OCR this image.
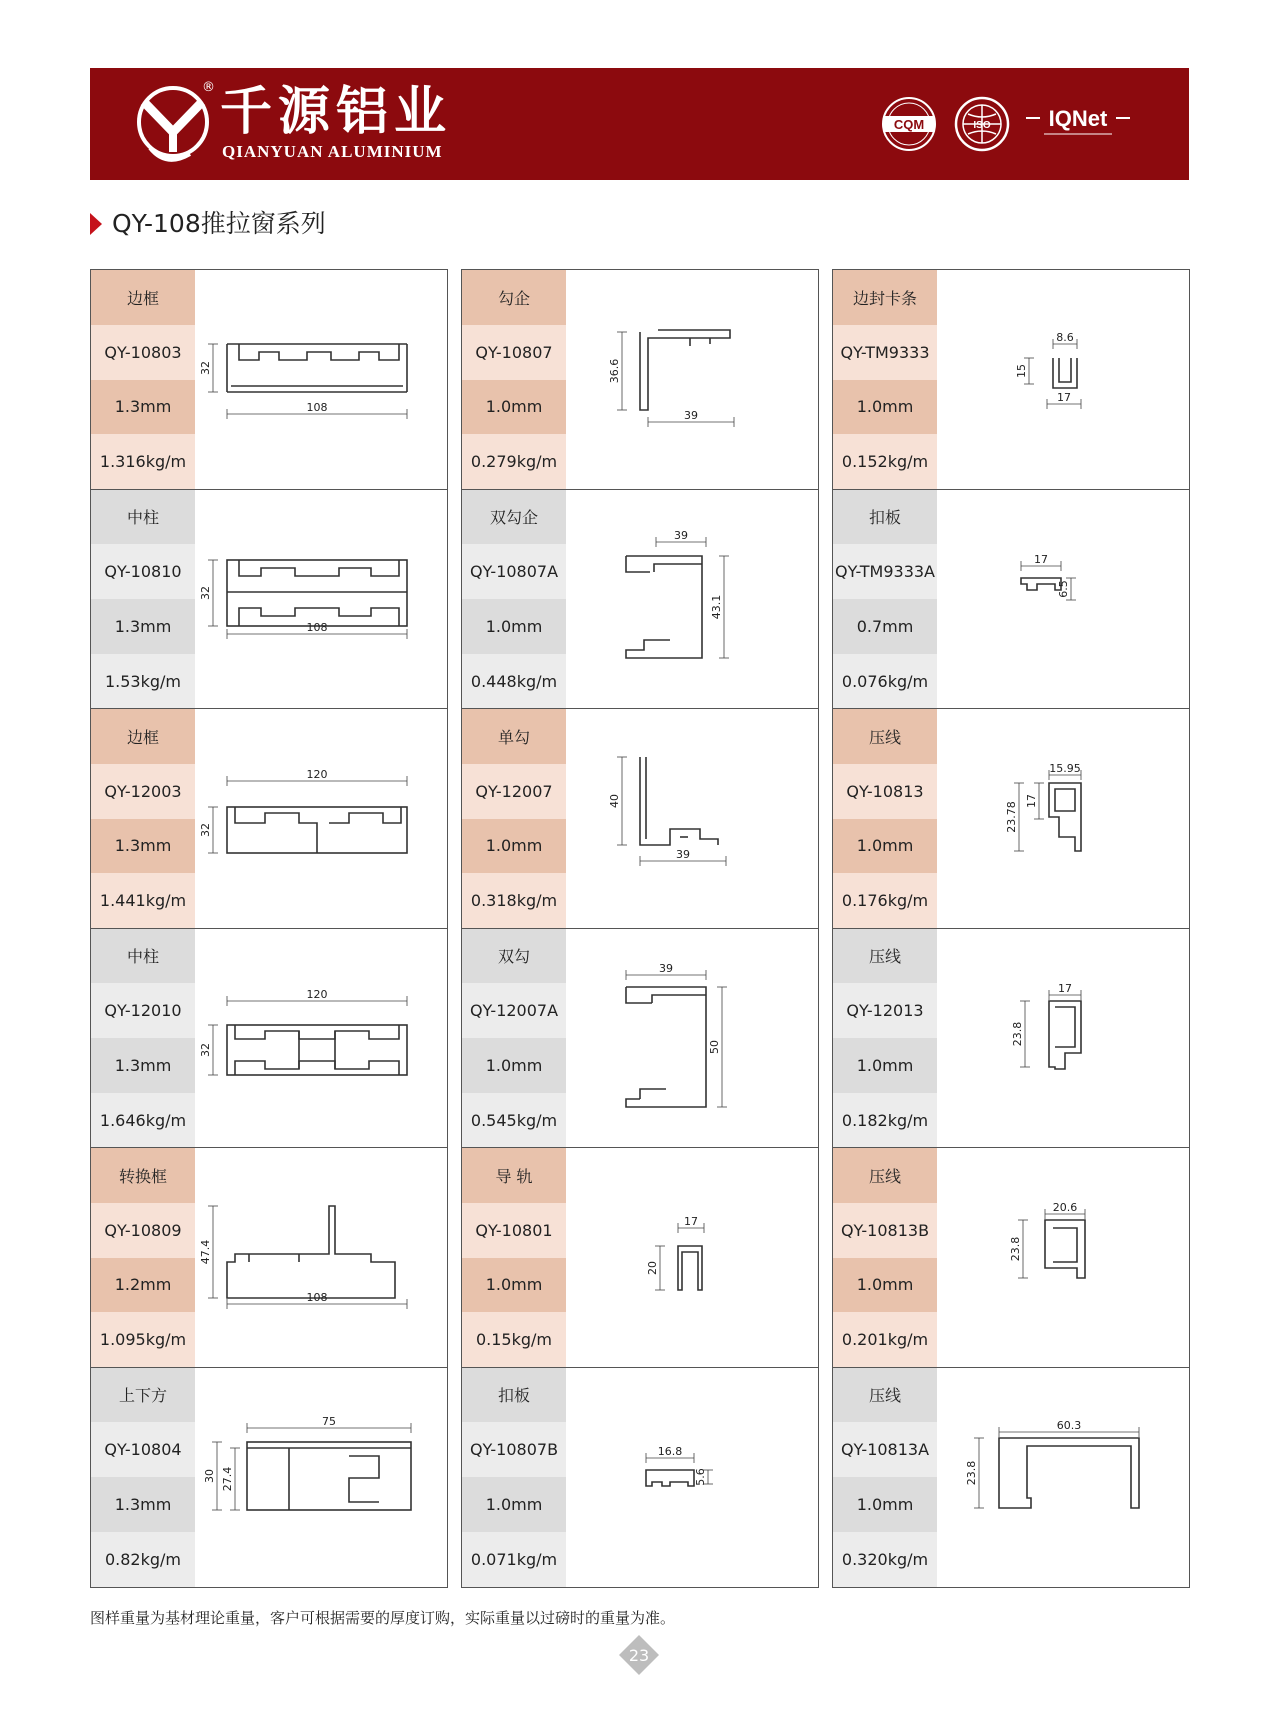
® 千源铝业
QIANYUAN ALUMINIUM
CQM	ISO	IQNet
QY-108推拉窗系列
边框
QY-10803
1.3mm
1.316kg/m
32
108
中柱
QY-10810
1.3mm
1.53kg/m
32
108
边框
QY-12003
1.3mm
1.441kg/m
120
32
中柱
QY-12010
1.3mm
1.646kg/m
120
32
转换框
QY-10809
1.2mm
1.095kg/m
47.4
108
上下方
QY-10804
1.3mm
0.82kg/m
75
30 27.4
勾企
QY-10807
1.0mm
0.279kg/m
36.6
39
双勾企
QY-10807A
1.0mm
0.448kg/m
39
43.1
单勾
QY-12007
1.0mm
0.318kg/m
40
39
双勾
QY-12007A
1.0mm
0.545kg/m
39
50
导 轨
QY-10801
1.0mm
0.15kg/m
17
20
扣板
QY-10807B
1.0mm
0.071kg/m
16.8
5.6
边封卡条
QY-TM9333
1.0mm
0.152kg/m
8.6
15
17
扣板
QY-TM9333A
0.7mm
0.076kg/m
17
6.5
压线
QY-10813
1.0mm
0.176kg/m
15.95
23.78
17
压线
QY-12013
1.0mm
0.182kg/m
17
23.8
压线
QY-10813B
1.0mm
0.201kg/m
20.6
23.8
压线
QY-10813A
1.0mm
0.320kg/m
60.3
23.8
图样重量为基材理论重量，客户可根据需要的厚度订购，实际重量以过磅时的重量为准。
23
